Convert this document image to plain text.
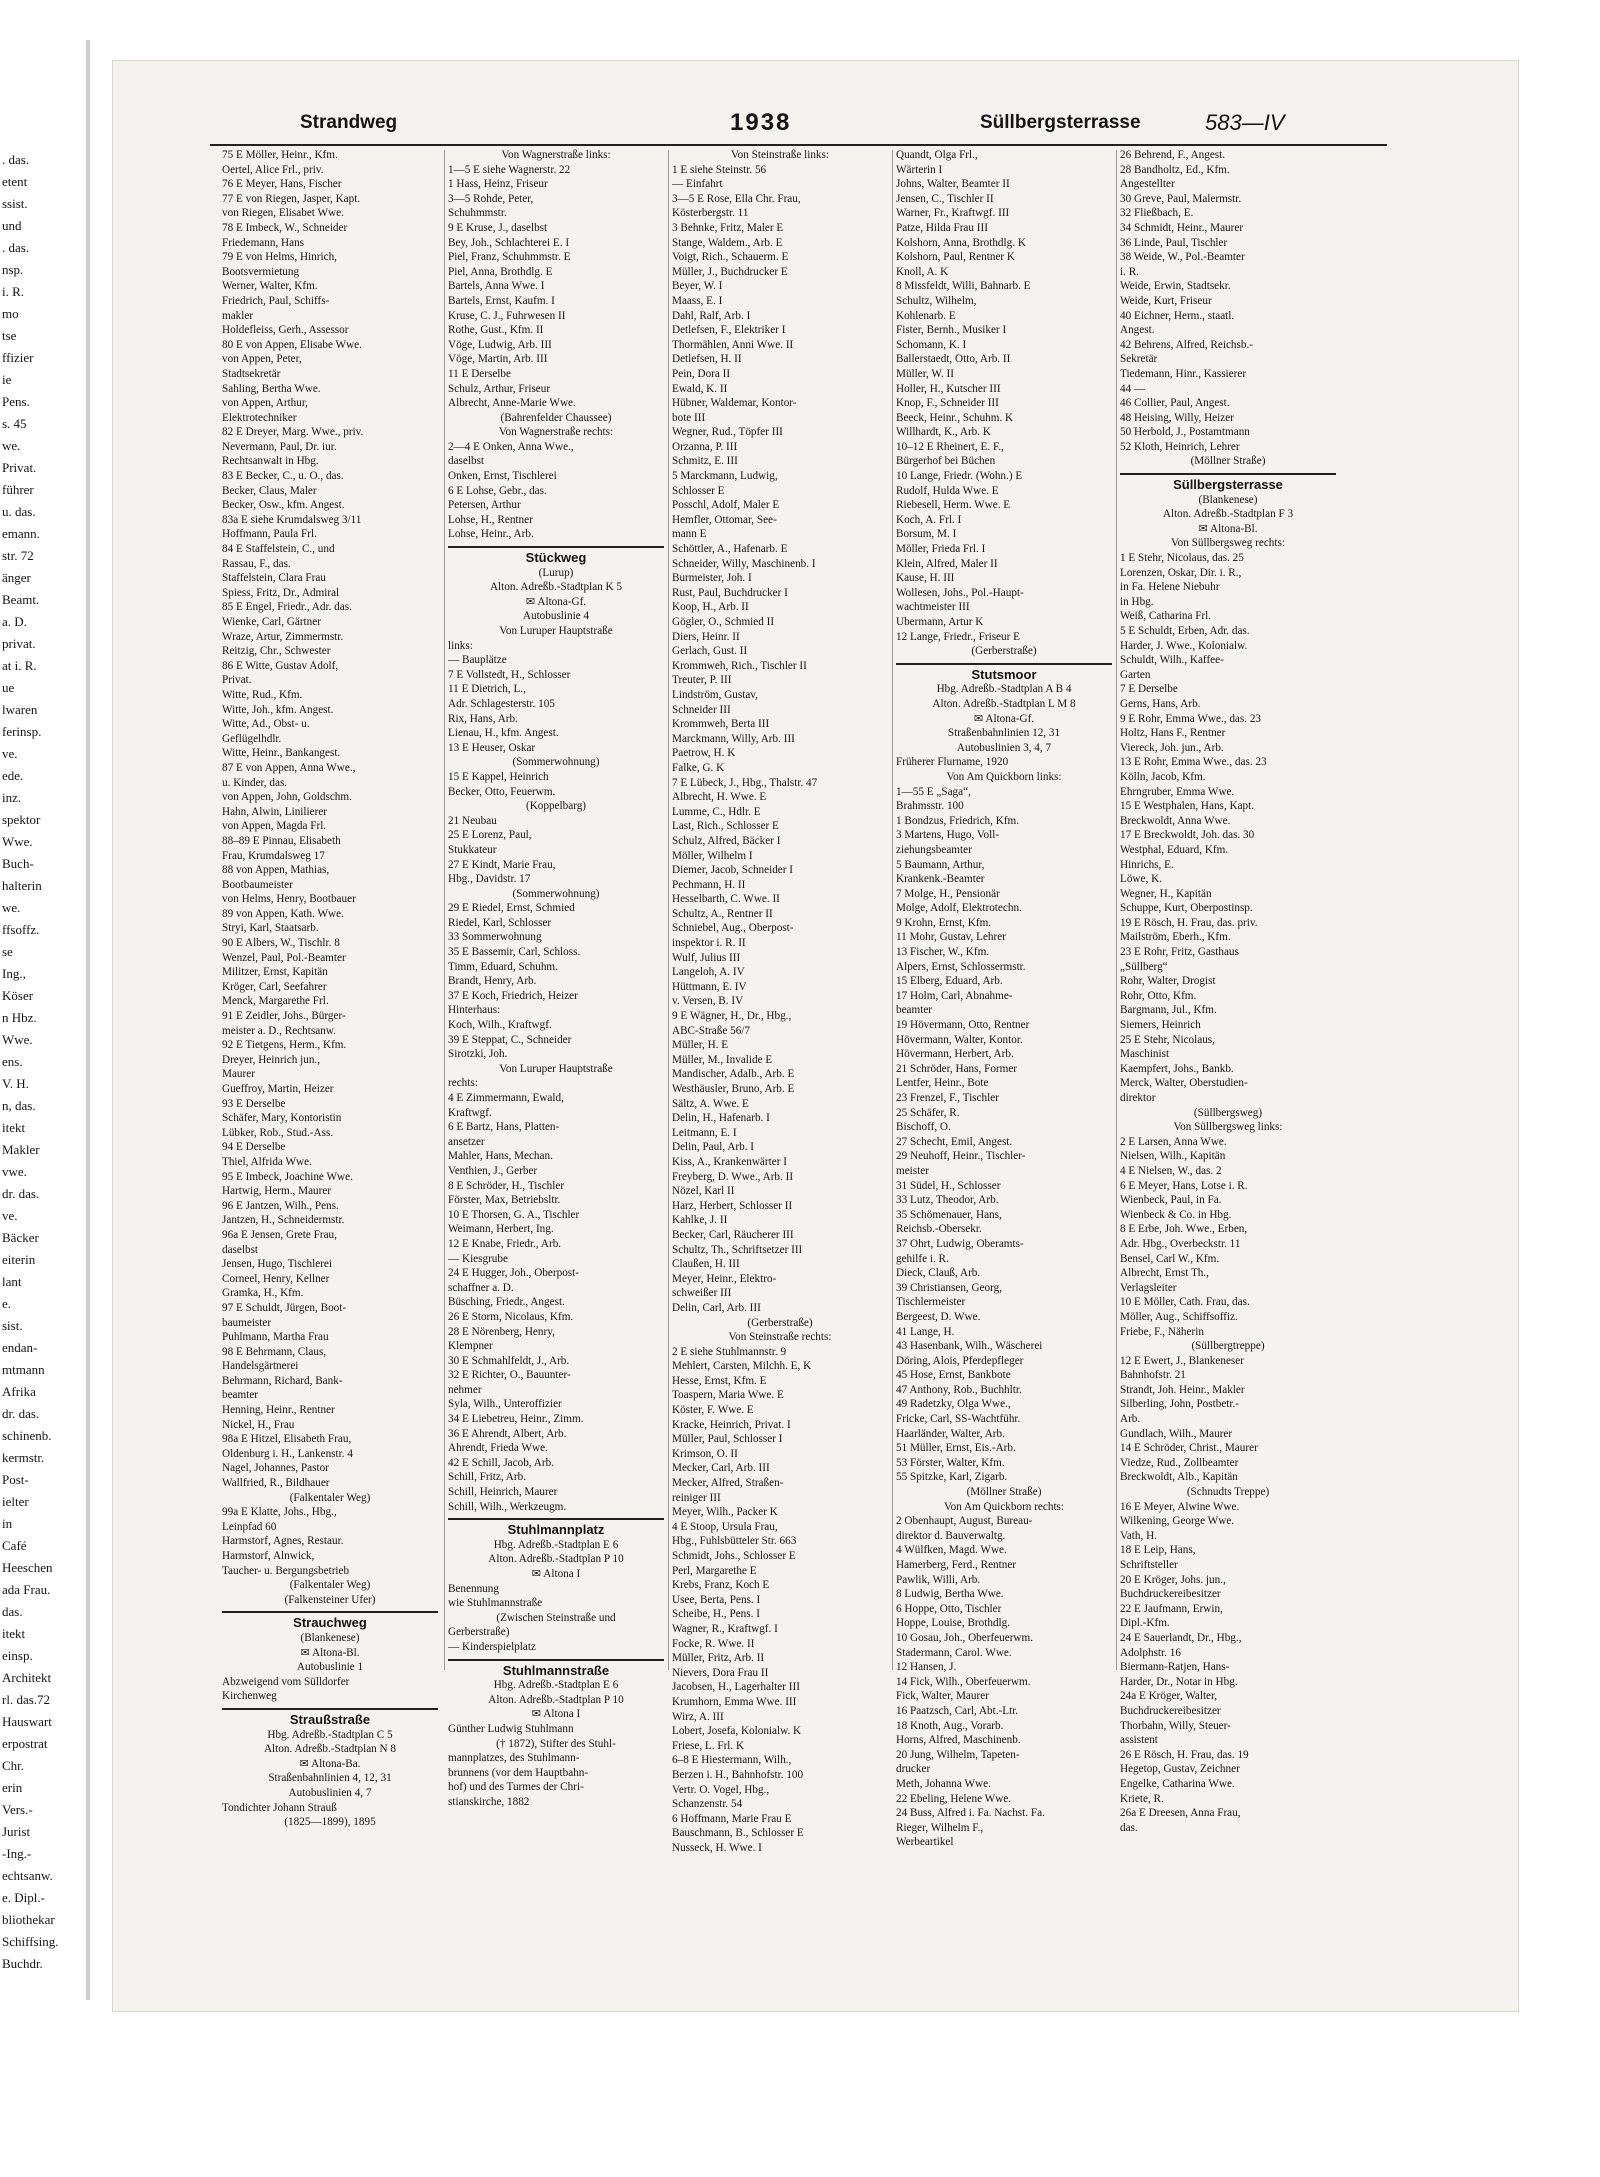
. das.
etent
ssist.
und
. das.
nsp.
i. R.
mo
tse
ffizier
ie
Pens.
s. 45
we.
Privat.
führer
u. das.
emann.
str. 72
änger
Beamt.
a. D.
privat.
at i. R.
ue
lwaren
ferinsp.
ve.
ede.
inz.
spektor
Wwe.
Buch-
halterin
we.
ffsoffz.
se
Ing.,
Köser
n Hbz.
Wwe.
ens.
V. H.
n, das.
itekt
Makler
vwe.
dr. das.
ve.
Bäcker
eiterin
lant
e.
sist.
endan-
mtmann
Afrika
dr. das.
schinenb.
kermstr.
Post-
ielter
in
Café
Heeschen
ada Frau.
das.
itekt
einsp.
Architekt
rl. das.72
Hauswart
erpostrat
Chr.
erin
Vers.-
Jurist
-Ing.-
echtsanw.
e. Dipl.-
bliothekar
Schiffsing.
Buchdr.
Strandweg	1938	Süllbergsterrasse	583—IV
75 E Möller, Heinr., Kfm.
Oertel, Alice Frl., priv.
76 E Meyer, Hans, Fischer
77 E von Riegen, Jasper, Kapt.
von Riegen, Elisabet Wwe.
78 E Imbeck, W., Schneider
Friedemann, Hans
79 E von Helms, Hinrich,
Bootsvermietung
Werner, Walter, Kfm.
Friedrich, Paul, Schiffs-
makler
Holdefleiss, Gerh., Assessor
80 E von Appen, Elisabe Wwe.
von Appen, Peter,
Stadtsekretär
Sahling, Bertha Wwe.
von Appen, Arthur,
Elektrotechniker
82 E Dreyer, Marg. Wwe., priv.
Nevermann, Paul, Dr. iur.
Rechtsanwalt in Hbg.
83 E Becker, C., u. O., das.
Becker, Claus, Maler
Becker, Osw., kfm. Angest.
83a E siehe Krumdalsweg 3/11
Hoffmann, Paula Frl.
84 E Staffelstein, C., und
Rassau, F., das.
Staffelstein, Clara Frau
Spiess, Fritz, Dr., Admiral
85 E Engel, Friedr., Adr. das.
Wienke, Carl, Gärtner
Wraze, Artur, Zimmermstr.
Reitzig, Chr., Schwester
86 E Witte, Gustav Adolf,
Privat.
Witte, Rud., Kfm.
Witte, Joh., kfm. Angest.
Witte, Ad., Obst- u.
Geflügelhdlr.
Witte, Heinr., Bankangest.
87 E von Appen, Anna Wwe.,
u. Kinder, das.
von Appen, John, Goldschm.
Hahn, Alwin, Linilierer
von Appen, Magda Frl.
88–89 E Pinnau, Elisabeth
Frau, Krumdalsweg 17
88 von Appen, Mathias,
Bootbaumeister
von Helms, Henry, Bootbauer
89 von Appen, Kath. Wwe.
Stryi, Karl, Staatsarb.
90 E Albers, W., Tischlr. 8
Wenzel, Paul, Pol.-Beamter
Militzer, Ernst, Kapitän
Kröger, Carl, Seefahrer
Menck, Margarethe Frl.
91 E Zeidler, Johs., Bürger-
meister a. D., Rechtsanw.
92 E Tietgens, Herm., Kfm.
Dreyer, Heinrich jun.,
Maurer
Gueffroy, Martin, Heizer
93 E Derselbe
Schäfer, Mary, Kontoristin
Lübker, Rob., Stud.-Ass.
94 E Derselbe
Thiel, Alfrida Wwe.
95 E Imbeck, Joachine Wwe.
Hartwig, Herm., Maurer
96 E Jantzen, Wilh., Pens.
Jantzen, H., Schneidermstr.
96a E Jensen, Grete Frau,
daselbst
Jensen, Hugo, Tischlerei
Corneel, Henry, Kellner
Gramka, H., Kfm.
97 E Schuldt, Jürgen, Boot-
baumeister
Puhlmann, Martha Frau
98 E Behrmann, Claus,
Handelsgärtnerei
Behrmann, Richard, Bank-
beamter
Henning, Heinr., Rentner
Nickel, H., Frau
98a E Hitzel, Elisabeth Frau,
Oldenburg i. H., Lankenstr. 4
Nagel, Johannes, Pastor
Wallfried, R., Bildhauer
(Falkentaler Weg)
99a E Klatte, Johs., Hbg.,
Leinpfad 60
Harmstorf, Agnes, Restaur.
Harmstorf, Alnwick,
Taucher- u. Bergungsbetrieb
(Falkentaler Weg)
(Falkensteiner Ufer)
Strauchweg
(Blankenese)
✉ Altona-Bl.
Autobuslinie 1
Abzweigend vom Sülldorfer
Kirchenweg
Straußstraße
Hbg. Adreßb.-Stadtplan C 5
Alton. Adreßb.-Stadtplan N 8
✉ Altona-Ba.
Straßenbahnlinien 4, 12, 31
Autobuslinien 4, 7
Tondichter Johann Strauß
(1825—1899), 1895
Von Wagnerstraße links:
1—5 E siehe Wagnerstr. 22
1 Hass, Heinz, Friseur
3—5 Rohde, Peter,
Schuhmmstr.
9 E Kruse, J., daselbst
Bey, Joh., Schlachterei E. I
Piel, Franz, Schuhmmstr. E
Piel, Anna, Brothdlg. E
Bartels, Anna Wwe. I
Bartels, Ernst, Kaufm. I
Kruse, C. J., Fuhrwesen II
Rothe, Gust., Kfm. II
Vöge, Ludwig, Arb. III
Vöge, Martin, Arb. III
11 E Derselbe
Schulz, Arthur, Friseur
Albrecht, Anne-Marie Wwe.
(Bahrenfelder Chaussee)
Von Wagnerstraße rechts:
2—4 E Onken, Anna Wwe.,
daselbst
Onken, Ernst, Tischlerei
6 E Lohse, Gebr., das.
Petersen, Arthur
Lohse, H., Rentner
Lohse, Heinr., Arb.
Stückweg
(Lurup)
Alton. Adreßb.-Stadtplan K 5
✉ Altona-Gf.
Autobuslinie 4
Von Luruper Hauptstraße
links:
— Bauplätze
7 E Vollstedt, H., Schlosser
11 E Dietrich, L.,
Adr. Schlagesterstr. 105
Rix, Hans, Arb.
Lienau, H., kfm. Angest.
13 E Heuser, Oskar
(Sommerwohnung)
15 E Kappel, Heinrich
Becker, Otto, Feuerwm.
(Koppelbarg)
21 Neubau
25 E Lorenz, Paul,
Stukkateur
27 E Kindt, Marie Frau,
Hbg., Davidstr. 17
(Sommerwohnung)
29 E Riedel, Ernst, Schmied
Riedel, Karl, Schlosser
33 Sommerwohnung
35 E Bassemir, Carl, Schloss.
Timm, Eduard, Schuhm.
Brandt, Henry, Arb.
37 E Koch, Friedrich, Heizer
Hinterhaus:
Koch, Wilh., Kraftwgf.
39 E Steppat, C., Schneider
Sirotzki, Joh.
Von Luruper Hauptstraße
rechts:
4 E Zimmermann, Ewald,
Kraftwgf.
6 E Bartz, Hans, Platten-
ansetzer
Mahler, Hans, Mechan.
Venthien, J., Gerber
8 E Schröder, H., Tischler
Förster, Max, Betriebsltr.
10 E Thorsen, G. A., Tischler
Weimann, Herbert, Ing.
12 E Knabe, Friedr., Arb.
— Kiesgrube
24 E Hugger, Joh., Oberpost-
schaffner a. D.
Büsching, Friedr., Angest.
26 E Storm, Nicolaus, Kfm.
28 E Nörenberg, Henry,
Klempner
30 E Schmahlfeldt, J., Arb.
32 E Richter, O., Bauunter-
nehmer
Syla, Wilh., Unteroffizier
34 E Liebetreu, Heinr., Zimm.
36 E Ahrendt, Albert, Arb.
Ahrendt, Frieda Wwe.
42 E Schill, Jacob, Arb.
Schill, Fritz, Arb.
Schill, Heinrich, Maurer
Schill, Wilh., Werkzeugm.
Stuhlmannplatz
Hbg. Adreßb.-Stadtplan E 6
Alton. Adreßb.-Stadtplan P 10
✉ Altona I
Benennung
wie Stuhlmannstraße
(Zwischen Steinstraße und
Gerberstraße)
— Kinderspielplatz
Stuhlmannstraße
Hbg. Adreßb.-Stadtplan E 6
Alton. Adreßb.-Stadtplan P 10
✉ Altona I
Günther Ludwig Stuhlmann
(† 1872), Stifter des Stuhl-
mannplatzes, des Stuhlmann-
brunnens (vor dem Hauptbahn-
hof) und des Turmes der Chri-
stianskirche, 1882
Von Steinstraße links:
1 E siehe Steinstr. 56
— Einfahrt
3—5 E Rose, Ella Chr. Frau,
Kösterbergstr. 11
3 Behnke, Fritz, Maler E
Stange, Waldem., Arb. E
Voigt, Rich., Schauerm. E
Müller, J., Buchdrucker E
Beyer, W. I
Maass, E. I
Dahl, Ralf, Arb. I
Detlefsen, F., Elektriker I
Thormählen, Anni Wwe. II
Detlefsen, H. II
Pein, Dora II
Ewald, K. II
Hübner, Waldemar, Kontor-
bote III
Wegner, Rud., Töpfer III
Orzanna, P. III
Schmitz, E. III
5 Marckmann, Ludwig,
Schlosser E
Posschl, Adolf, Maler E
Hemfler, Ottomar, See-
mann E
Schöttler, A., Hafenarb. E
Schneider, Willy, Maschinenb. I
Burmeister, Joh. I
Rust, Paul, Buchdrucker I
Koop, H., Arb. II
Gögler, O., Schmied II
Diers, Heinr. II
Gerlach, Gust. II
Krommweh, Rich., Tischler II
Treuter, P. III
Lindström, Gustav,
Schneider III
Krommweh, Berta III
Marckmann, Willy, Arb. III
Paetrow, H. K
Falke, G. K
7 E Lübeck, J., Hbg., Thalstr. 47
Albrecht, H. Wwe. E
Lumme, C., Hdlr. E
Last, Rich., Schlosser E
Schulz, Alfred, Bäcker I
Möller, Wilhelm I
Diemer, Jacob, Schneider I
Pechmann, H. II
Hesselbarth, C. Wwe. II
Schultz, A., Rentner II
Schniebel, Aug., Oberpost-
inspektor i. R. II
Wulf, Julius III
Langeloh, A. IV
Hüttmann, E. IV
v. Versen, B. IV
9 E Wägner, H., Dr., Hbg.,
ABC-Straße 56/7
Müller, H. E
Müller, M., Invalide E
Mandischer, Adalb., Arb. E
Westhäusler, Bruno, Arb. E
Sältz, A. Wwe. E
Delin, H., Hafenarb. I
Leitmann, E. I
Delin, Paul, Arb. I
Kiss, A., Krankenwärter I
Freyberg, D. Wwe., Arb. II
Nözel, Karl II
Harz, Herbert, Schlosser II
Kahlke, J. II
Becker, Carl, Räucherer III
Schultz, Th., Schriftsetzer III
Claußen, H. III
Meyer, Heinr., Elektro-
schweißer III
Delin, Carl, Arb. III
(Gerberstraße)
Von Steinstraße rechts:
2 E siehe Stuhlmannstr. 9
Mehlert, Carsten, Milchh. E, K
Hesse, Ernst, Kfm. E
Toaspern, Maria Wwe. E
Köster, F. Wwe. E
Kracke, Heinrich, Privat. I
Müller, Paul, Schlosser I
Krimson, O. II
Mecker, Carl, Arb. III
Mecker, Alfred, Straßen-
reiniger III
Meyer, Wilh., Packer K
4 E Stoop, Ursula Frau,
Hbg., Fuhlsbütteler Str. 663
Schmidt, Johs., Schlosser E
Perl, Margarethe E
Krebs, Franz, Koch E
Usee, Berta, Pens. I
Scheibe, H., Pens. I
Wagner, R., Kraftwgf. I
Focke, R. Wwe. II
Müller, Fritz, Arb. II
Nievers, Dora Frau II
Jacobsen, H., Lagerhalter III
Krumhorn, Emma Wwe. III
Wirz, A. III
Lobert, Josefa, Kolonialw. K
Friese, L. Frl. K
6–8 E Hiestermann, Wilh.,
Berzen i. H., Bahnhofstr. 100
Vertr. O. Vogel, Hbg.,
Schanzenstr. 54
6 Hoffmann, Marie Frau E
Bauschmann, B., Schlosser E
Nusseck, H. Wwe. I
Quandt, Olga Frl.,
Wärterin I
Johns, Walter, Beamter II
Jensen, C., Tischler II
Warner, Fr., Kraftwgf. III
Patze, Hilda Frau III
Kolshorn, Anna, Brothdlg. K
Kolshorn, Paul, Rentner K
Knoll, A. K
8 Missfeldt, Willi, Bahnarb. E
Schultz, Wilhelm,
Kohlenarb. E
Fister, Bernh., Musiker I
Schomann, K. I
Ballerstaedt, Otto, Arb. II
Müller, W. II
Holler, H., Kutscher III
Knop, F., Schneider III
Beeck, Heinr., Schuhm. K
Willhardt, K., Arb. K
10–12 E Rheinert, E. F.,
Bürgerhof bei Büchen
10 Lange, Friedr. (Wohn.) E
Rudolf, Hulda Wwe. E
Riebesell, Herm. Wwe. E
Koch, A. Frl. I
Borsum, M. I
Möller, Frieda Frl. I
Klein, Alfred, Maler II
Kause, H. III
Wollesen, Johs., Pol.-Haupt-
wachtmeister III
Ubermann, Artur K
12 Lange, Friedr., Friseur E
(Gerberstraße)
Stutsmoor
Hbg. Adreßb.-Stadtplan A B 4
Alton. Adreßb.-Stadtplan L M 8
✉ Altona-Gf.
Straßenbahnlinien 12, 31
Autobuslinien 3, 4, 7
Früherer Flurname, 1920
Von Am Quickborn links:
1—55 E „Saga“,
Brahmsstr. 100
1 Bondzus, Friedrich, Kfm.
3 Martens, Hugo, Voll-
ziehungsbeamter
5 Baumann, Arthur,
Krankenk.-Beamter
7 Molge, H., Pensionär
Molge, Adolf, Elektrotechn.
9 Krohn, Ernst, Kfm.
11 Mohr, Gustav, Lehrer
13 Fischer, W., Kfm.
Alpers, Ernst, Schlossermstr.
15 Elberg, Eduard, Arb.
17 Holm, Carl, Abnahme-
beamter
19 Hövermann, Otto, Rentner
Hövermann, Walter, Kontor.
Hövermann, Herbert, Arb.
21 Schröder, Hans, Former
Lentfer, Heinr., Bote
23 Frenzel, F., Tischler
25 Schäfer, R.
Bischoff, O.
27 Schecht, Emil, Angest.
29 Neuhoff, Heinr., Tischler-
meister
31 Südel, H., Schlosser
33 Lutz, Theodor, Arb.
35 Schömenauer, Hans,
Reichsb.-Obersekr.
37 Ohrt, Ludwig, Oberamts-
gehilfe i. R.
Dieck, Clauß, Arb.
39 Christiansen, Georg,
Tischlermeister
Bergeest, D. Wwe.
41 Lange, H.
43 Hasenbank, Wilh., Wäscherei
Döring, Alois, Pferdepfleger
45 Hose, Ernst, Bankbote
47 Anthony, Rob., Buchhltr.
49 Radetzky, Olga Wwe.,
Fricke, Carl, SS-Wachtführ.
Haarländer, Walter, Arb.
51 Müller, Ernst, Eis.-Arb.
53 Förster, Walter, Kfm.
55 Spitzke, Karl, Zigarb.
(Möllner Straße)
Von Am Quickborn rechts:
2 Obenhaupt, August, Bureau-
direktor d. Bauverwaltg.
4 Wülfken, Magd. Wwe.
Hamerberg, Ferd., Rentner
Pawlik, Willi, Arb.
8 Ludwig, Bertha Wwe.
6 Hoppe, Otto, Tischler
Hoppe, Louise, Brothdlg.
10 Gosau, Joh., Oberfeuerwm.
Stadermann, Carol. Wwe.
12 Hansen, J.
14 Fick, Wilh., Oberfeuerwm.
Fick, Walter, Maurer
16 Paatzsch, Carl, Abt.-Ltr.
18 Knoth, Aug., Vorarb.
Horns, Alfred, Maschinenb.
20 Jung, Wilhelm, Tapeten-
drucker
Meth, Johanna Wwe.
22 Ebeling, Helene Wwe.
24 Buss, Alfred i. Fa. Nachst. Fa.
Rieger, Wilhelm F.,
Werbeartikel
26 Behrend, F., Angest.
28 Bandholtz, Ed., Kfm.
Angestellter
30 Greve, Paul, Malermstr.
32 Fließbach, E.
34 Schmidt, Heinr., Maurer
36 Linde, Paul, Tischler
38 Weide, W., Pol.-Beamter
i. R.
Weide, Erwin, Stadtsekr.
Weide, Kurt, Friseur
40 Eichner, Herm., staatl.
Angest.
42 Behrens, Alfred, Reichsb.-
Sekretär
Tiedemann, Hinr., Kassierer
44 —
46 Collier, Paul, Angest.
48 Heising, Willy, Heizer
50 Herbold, J., Postamtmann
52 Kloth, Heinrich, Lehrer
(Möllner Straße)
Süllbergsterrasse
(Blankenese)
Alton. Adreßb.-Stadtplan F 3
✉ Altona-Bl.
Von Süllbergsweg rechts:
1 E Stehr, Nicolaus, das. 25
Lorenzen, Oskar, Dir. i. R.,
in Fa. Helene Niebuhr
in Hbg.
Weiß, Catharina Frl.
5 E Schuldt, Erben, Adr. das.
Harder, J. Wwe., Kolonialw.
Schuldt, Wilh., Kaffee-
Garten
7 E Derselbe
Gerns, Hans, Arb.
9 E Rohr, Emma Wwe., das. 23
Holtz, Hans F., Rentner
Viereck, Joh. jun., Arb.
13 E Rohr, Emma Wwe., das. 23
Kölln, Jacob, Kfm.
Ehrngruber, Emma Wwe.
15 E Westphalen, Hans, Kapt.
Breckwoldt, Anna Wwe.
17 E Breckwoldt, Joh. das. 30
Westphal, Eduard, Kfm.
Hinrichs, E.
Löwe, K.
Wegner, H., Kapitän
Schuppe, Kurt, Oberpostinsp.
19 E Rösch, H. Frau, das. priv.
Mailström, Eberh., Kfm.
23 E Rohr, Fritz, Gasthaus
„Süllberg“
Rohr, Walter, Drogist
Rohr, Otto, Kfm.
Bargmann, Jul., Kfm.
Siemers, Heinrich
25 E Stehr, Nicolaus,
Maschinist
Kaempfert, Johs., Bankb.
Merck, Walter, Oberstudien-
direktor
(Süllbergsweg)
Von Süllbergsweg links:
2 E Larsen, Anna Wwe.
Nielsen, Wilh., Kapitän
4 E Nielsen, W., das. 2
6 E Meyer, Hans, Lotse i. R.
Wienbeck, Paul, in Fa.
Wienbeck & Co. in Hbg.
8 E Erbe, Joh. Wwe., Erben,
Adr. Hbg., Overbeckstr. 11
Bensel, Carl W., Kfm.
Albrecht, Ernst Th.,
Verlagsleiter
10 E Möller, Cath. Frau, das.
Möller, Aug., Schiffsoffiz.
Friebe, F., Näherin
(Süllbergtreppe)
12 E Ewert, J., Blankeneser
Bahnhofstr. 21
Strandt, Joh. Heinr., Makler
Silberling, John, Postbetr.-
Arb.
Gundlach, Wilh., Maurer
14 E Schröder, Christ., Maurer
Viedze, Rud., Zollbeamter
Breckwoldt, Alb., Kapitän
(Schnudts Treppe)
16 E Meyer, Alwine Wwe.
Wilkening, George Wwe.
Vath, H.
18 E Leip, Hans,
Schriftsteller
20 E Kröger, Johs. jun.,
Buchdruckereibesitzer
22 E Jaufmann, Erwin,
Dipl.-Kfm.
24 E Sauerlandt, Dr., Hbg.,
Adolphstr. 16
Biermann-Ratjen, Hans-
Harder, Dr., Notar in Hbg.
24a E Kröger, Walter,
Buchdruckereibesitzer
Thorbahn, Willy, Steuer-
assistent
26 E Rösch, H. Frau, das. 19
Hegetop, Gustav, Zeichner
Engelke, Catharina Wwe.
Kriete, R.
26a E Dreesen, Anna Frau,
das.
